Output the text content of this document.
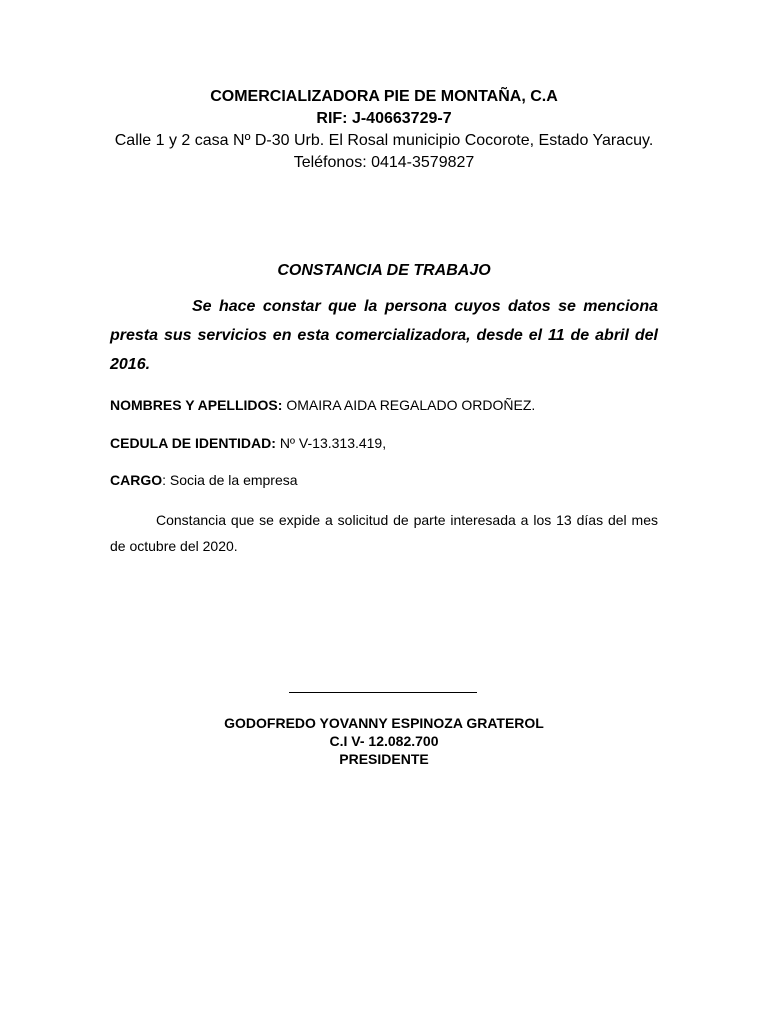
COMERCIALIZADORA PIE DE MONTAÑA, C.A
RIF: J-40663729-7
Calle 1 y 2 casa Nº D-30 Urb. El Rosal municipio Cocorote, Estado Yaracuy.
Teléfonos: 0414-3579827
CONSTANCIA DE TRABAJO
Se hace constar que la persona cuyos datos se menciona presta sus servicios en esta comercializadora, desde el 11 de abril del 2016.
NOMBRES Y APELLIDOS: OMAIRA AIDA REGALADO ORDOÑEZ.
CEDULA DE IDENTIDAD: Nº V-13.313.419,
CARGO: Socia de la empresa
Constancia que se expide a solicitud de parte interesada a los 13 días del mes de octubre del 2020.
GODOFREDO YOVANNY ESPINOZA GRATEROL
C.I V- 12.082.700
PRESIDENTE
